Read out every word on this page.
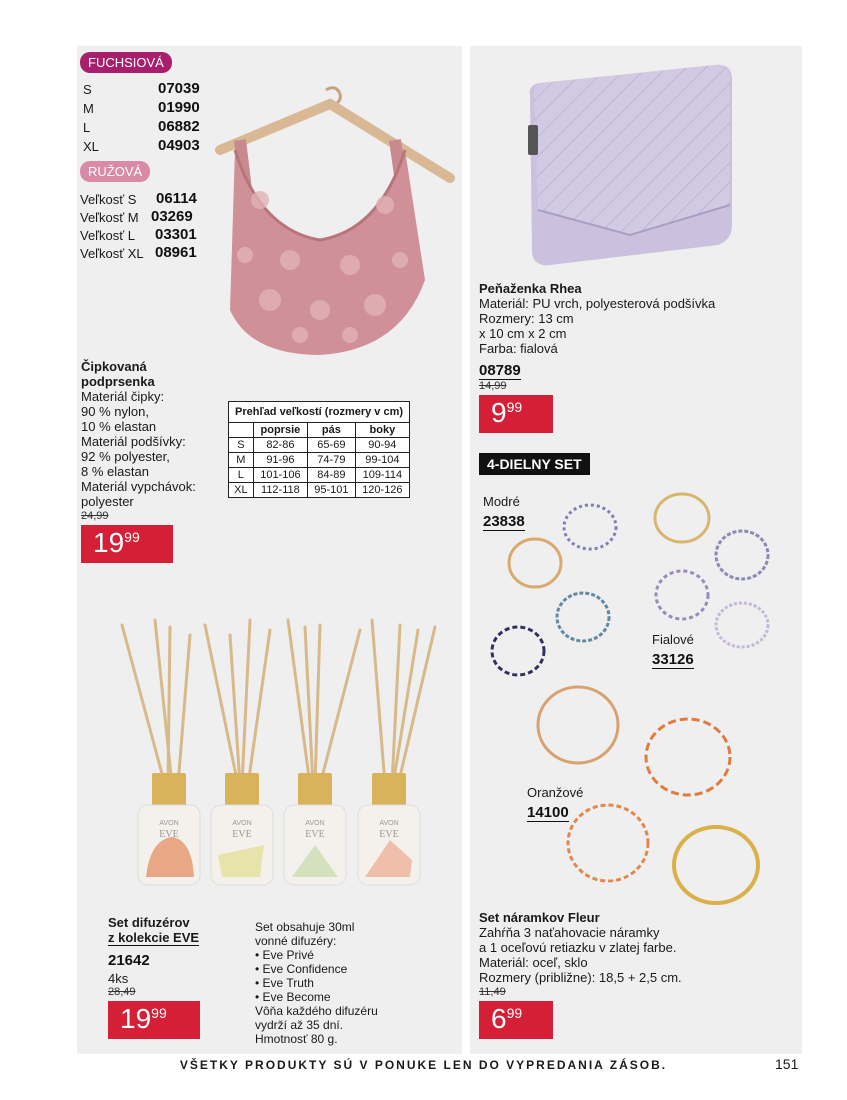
FUCHSIOVÁ
S	07039
M	01990
L	06882
XL	04903
RUŽOVÁ
Veľkosť S 06114
Veľkosť M 03269
Veľkosť L 03301
Veľkosť XL 08961
Čipkovaná
podprsenka
Materiál čipky:
90 % nylon,
10 % elastan
Materiál podšívky:
92 % polyester,
8 % elastan
Materiál vypchávok:
polyester
24,99
1999
Prehľad veľkostí (rozmery v cm)			
	poprsie	pás	boky
S	82-86	65-69	90-94
M	91-96	74-79	99-104
L	101-106	84-89	109-114
XL	112-118	95-101	120-126
AVON	AVON	AVON	AVON
EVE	EVE	EVE	EVE
Set difuzérov
z kolekcie EVE
21642
4ks
28,49
1999
Set obsahuje 30ml
vonné difuzéry:
• Eve Privé
• Eve Confidence
• Eve Truth
• Eve Become
Vôňa každého difuzéru
vydrží až 35 dní.
Hmotnosť 80 g.
Peňaženka Rhea
Materiál: PU vrch, polyesterová podšívka
Rozmery: 13 cm
x 10 cm x 2 cm
Farba: fialová
08789
14,99
999
4-DIELNY SET
Modré
23838
Fialové
33126
Oranžové
14100
Set náramkov Fleur
Zahŕňa 3 naťahovacie náramky
a 1 oceľovú retiazku v zlatej farbe.
Materiál: oceľ, sklo
Rozmery (približne): 18,5 + 2,5 cm.
11,49
699
VŠETKY PRODUKTY SÚ V PONUKE LEN DO VYPREDANIA ZÁSOB.	151
